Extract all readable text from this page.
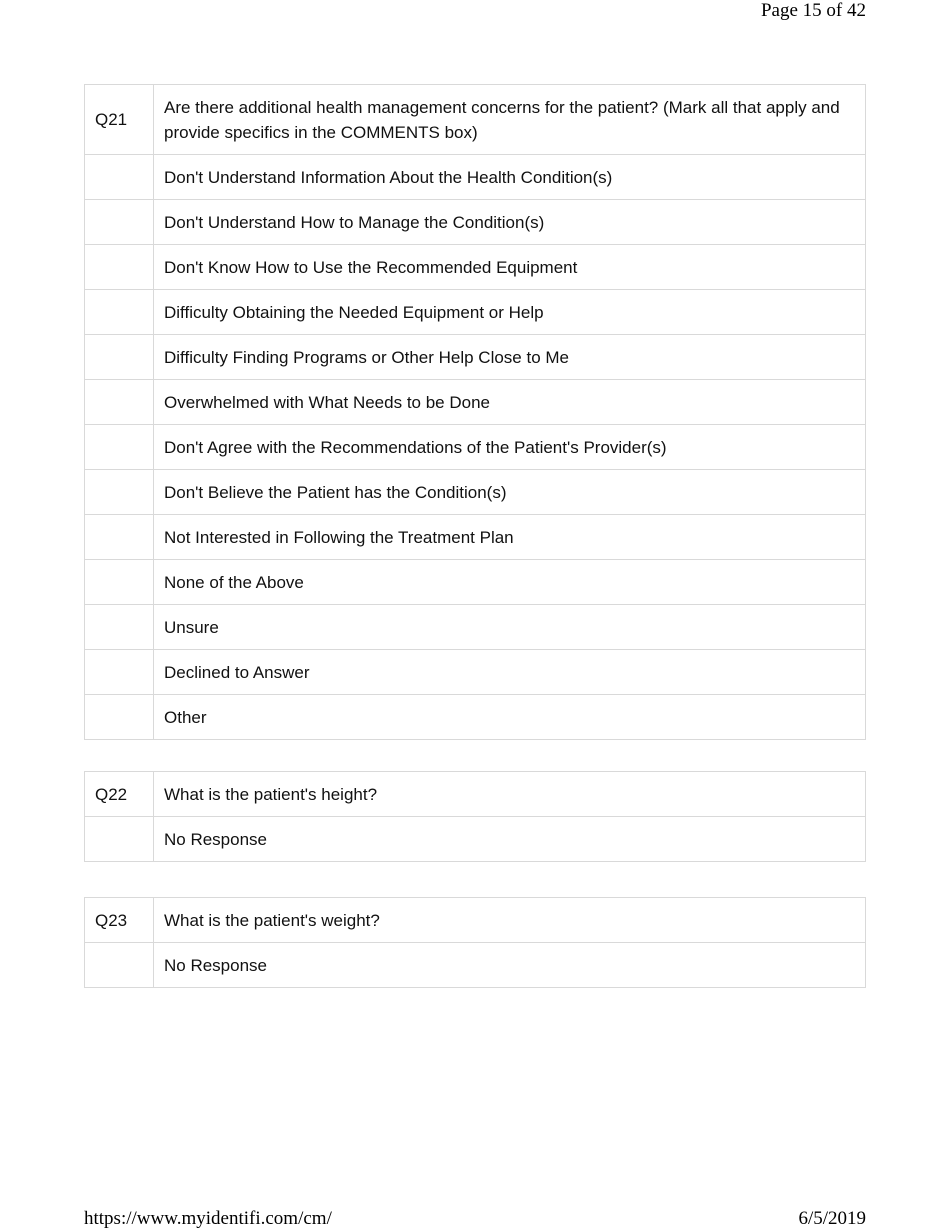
Page 15 of 42
Q21	Are there additional health management concerns for the patient? (Mark all that apply and provide specifics in the COMMENTS box)
	Don't Understand Information About the Health Condition(s)
	Don't Understand How to Manage the Condition(s)
	Don't Know How to Use the Recommended Equipment
	Difficulty Obtaining the Needed Equipment or Help
	Difficulty Finding Programs or Other Help Close to Me
	Overwhelmed with What Needs to be Done
	Don't Agree with the Recommendations of the Patient's Provider(s)
	Don't Believe the Patient has the Condition(s)
	Not Interested in Following the Treatment Plan
	None of the Above
	Unsure
	Declined to Answer
	Other
Q22	What is the patient's height?
	No Response
Q23	What is the patient's weight?
	No Response
https://www.myidentifi.com/cm/	6/5/2019
